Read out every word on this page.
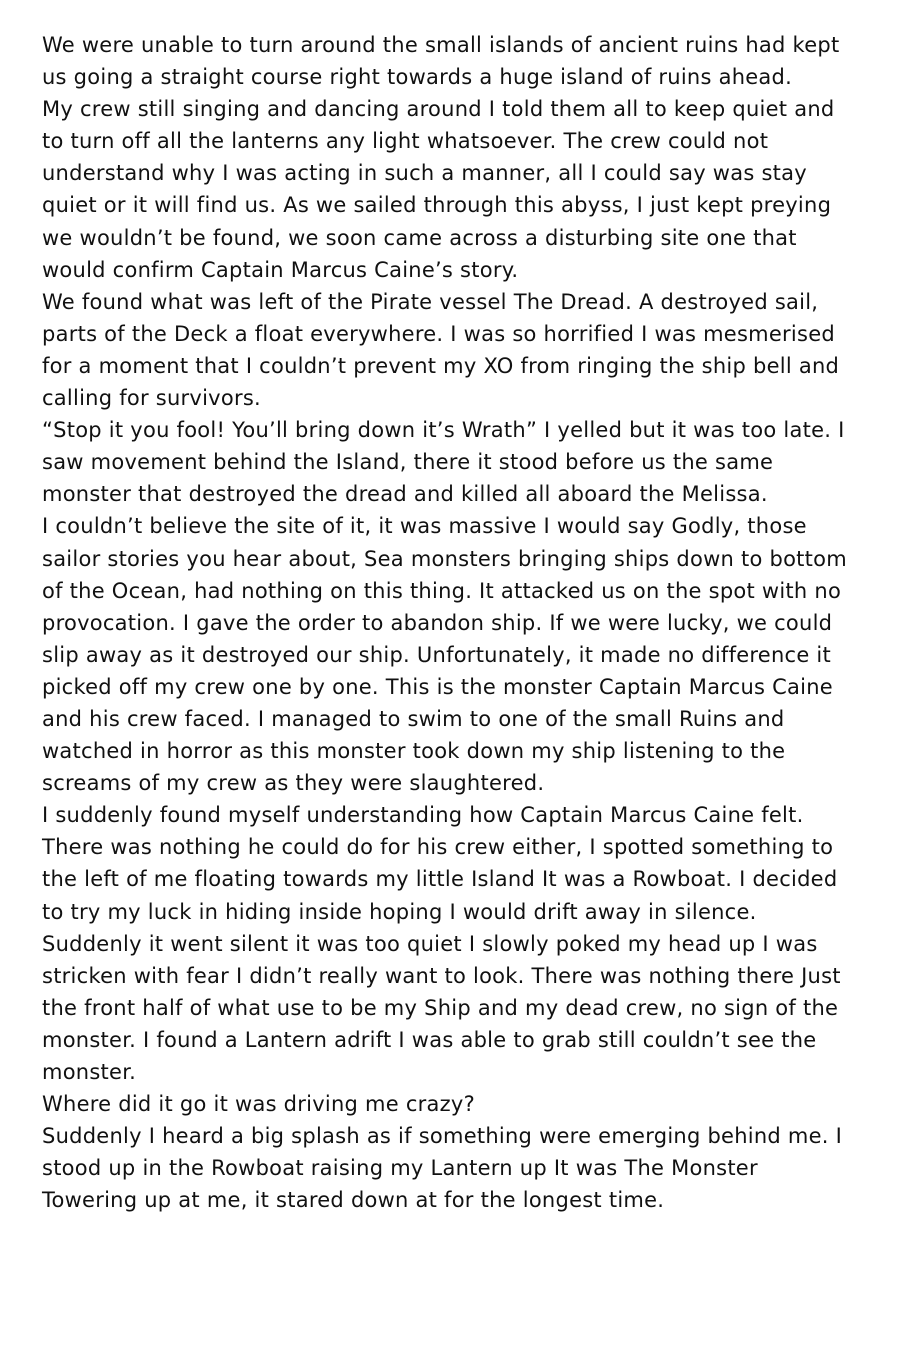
We were unable to turn around the small islands of ancient ruins had kept us going a straight course right towards a huge island of ruins ahead.

My crew still singing and dancing around I told them all to keep quiet and to turn off all the lanterns any light whatsoever. The crew could not understand why I was acting in such a manner, all I could say was stay quiet or it will find us. As we sailed through this abyss, I just kept preying we wouldn’t be found, we soon came across a disturbing site one that would confirm Captain Marcus Caine’s story.

We found what was left of the Pirate vessel The Dread. A destroyed sail, parts of the Deck a float everywhere. I was so horrified I was mesmerised for a moment that I couldn’t prevent my XO from ringing the ship bell and calling for survivors.

“Stop it you fool! You’ll bring down it’s Wrath” I yelled but it was too late. I saw movement behind the Island, there it stood before us the same monster that destroyed the dread and killed all aboard the Melissa.

I couldn’t believe the site of it, it was massive I would say Godly, those sailor stories you hear about, Sea monsters bringing ships down to bottom of the Ocean, had nothing on this thing. It attacked us on the spot with no provocation. I gave the order to abandon ship. If we were lucky, we could slip away as it destroyed our ship. Unfortunately, it made no difference it picked off my crew one by one. This is the monster Captain Marcus Caine and his crew faced. I managed to swim to one of the small Ruins and watched in horror as this monster took down my ship listening to the screams of my crew as they were slaughtered.

I suddenly found myself understanding how Captain Marcus Caine felt. There was nothing he could do for his crew either, I spotted something to the left of me floating towards my little Island It was a Rowboat. I decided to try my luck in hiding inside hoping I would drift away in silence. Suddenly it went silent it was too quiet I slowly poked my head up I was stricken with fear I didn’t really want to look. There was nothing there Just the front half of what use to be my Ship and my dead crew, no sign of the monster. I found a Lantern adrift I was able to grab still couldn’t see the monster.

Where did it go it was driving me crazy?

Suddenly I heard a big splash as if something were emerging behind me. I stood up in the Rowboat raising my Lantern up It was The Monster Towering up at me, it stared down at for the longest time.
